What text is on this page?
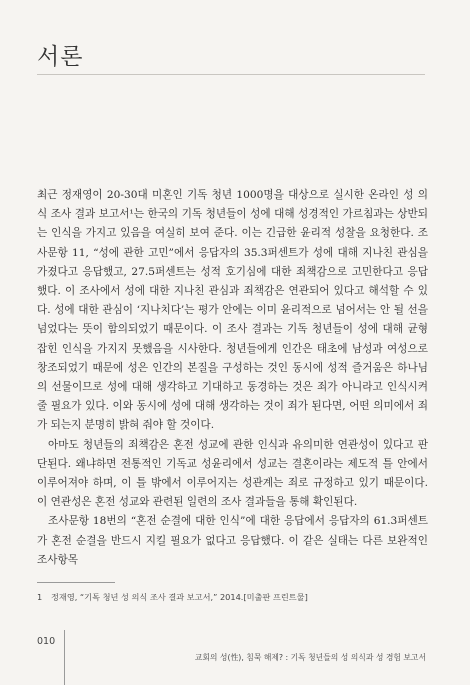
서론

최근 정재영이 20-30대 미혼인 기독 청년 1000명을 대상으로 실시한 온라인 성 의식 조사 결과 보고서¹는 한국의 기독 청년들이 성에 대해 성경적인 가르침과는 상반되는 인식을 가지고 있음을 여실히 보여 준다. 이는 긴급한 윤리적 성찰을 요청한다. 조사문항 11, “성에 관한 고민”에서 응답자의 35.3퍼센트가 성에 대해 지나친 관심을 가졌다고 응답했고, 27.5퍼센트는 성적 호기심에 대한 죄책감으로 고민한다고 응답했다. 이 조사에서 성에 대한 지나친 관심과 죄책감은 연관되어 있다고 해석할 수 있다. 성에 대한 관심이 ‘지나치다’는 평가 안에는 이미 윤리적으로 넘어서는 안 될 선을 넘었다는 뜻이 함의되었기 때문이다. 이 조사 결과는 기독 청년들이 성에 대해 균형 잡힌 인식을 가지지 못했음을 시사한다. 청년들에게 인간은 태초에 남성과 여성으로 창조되었기 때문에 성은 인간의 본질을 구성하는 것인 동시에 성적 즐거움은 하나님의 선물이므로 성에 대해 생각하고 기대하고 동경하는 것은 죄가 아니라고 인식시켜 줄 필요가 있다. 이와 동시에 성에 대해 생각하는 것이 죄가 된다면, 어떤 의미에서 죄가 되는지 분명히 밝혀 줘야 할 것이다.

아마도 청년들의 죄책감은 혼전 성교에 관한 인식과 유의미한 연관성이 있다고 판단된다. 왜냐하면 전통적인 기독교 성윤리에서 성교는 결혼이라는 제도적 틀 안에서 이루어져야 하며, 이 틀 밖에서 이루어지는 성관계는 죄로 규정하고 있기 때문이다. 이 연관성은 혼전 성교와 관련된 일련의 조사 결과들을 통해 확인된다.

조사문항 18번의 “혼전 순결에 대한 인식”에 대한 응답에서 응답자의 61.3퍼센트가 혼전 순결을 반드시 지킬 필요가 없다고 응답했다. 이 같은 실태는 다른 보완적인 조사항목

1 정재영, “기독 청년 성 의식 조사 결과 보고서,” 2014.[미출판 프린트물]
010
교회의 성(性), 침묵 해제? : 기독 청년들의 성 의식과 성 경험 보고서
